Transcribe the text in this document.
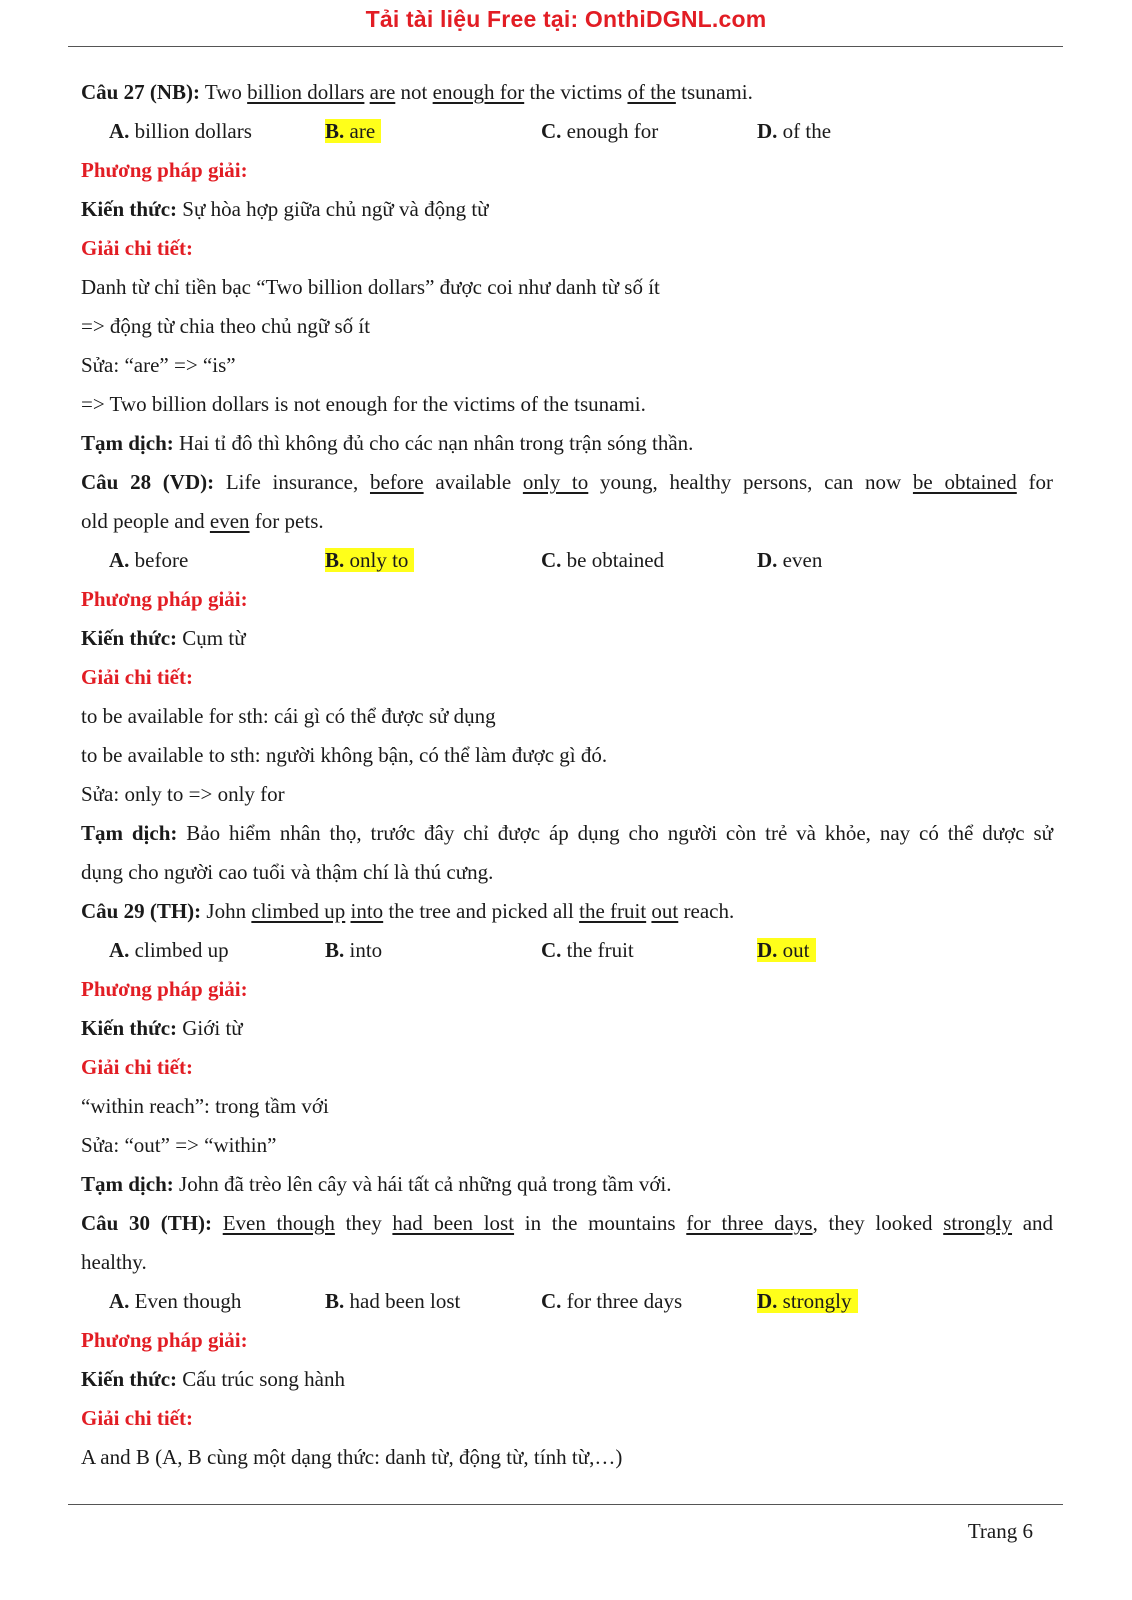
Tải tài liệu Free tại: OnthiDGNL.com
Câu 27 (NB): Two billion dollars are not enough for the victims of the tsunami.
A. billion dollars	B. are	C. enough for	D. of the
Phương pháp giải:
Kiến thức: Sự hòa hợp giữa chủ ngữ và động từ
Giải chi tiết:
Danh từ chỉ tiền bạc “Two billion dollars” được coi như danh từ số ít
=> động từ chia theo chủ ngữ số ít
Sửa: “are” => “is”
=> Two billion dollars is not enough for the victims of the tsunami.
Tạm dịch: Hai tỉ đô thì không đủ cho các nạn nhân trong trận sóng thần.
Câu 28 (VD): Life insurance, before available only to young, healthy persons, can now be obtained for
old people and even for pets.
A. before	B. only to	C. be obtained	D. even
Phương pháp giải:
Kiến thức: Cụm từ
Giải chi tiết:
to be available for sth: cái gì có thể được sử dụng
to be available to sth: người không bận, có thể làm được gì đó.
Sửa: only to => only for
Tạm dịch: Bảo hiểm nhân thọ, trước đây chỉ được áp dụng cho người còn trẻ và khỏe, nay có thể dược sử
dụng cho người cao tuổi và thậm chí là thú cưng.
Câu 29 (TH): John climbed up into the tree and picked all the fruit out reach.
A. climbed up	B. into	C. the fruit	D. out
Phương pháp giải:
Kiến thức: Giới từ
Giải chi tiết:
“within reach”: trong tầm với
Sửa: “out” => “within”
Tạm dịch: John đã trèo lên cây và hái tất cả những quả trong tầm với.
Câu 30 (TH): Even though they had been lost in the mountains for three days, they looked strongly and
healthy.
A. Even though	B. had been lost	C. for three days	D. strongly
Phương pháp giải:
Kiến thức: Cấu trúc song hành
Giải chi tiết:
A and B (A, B cùng một dạng thức: danh từ, động từ, tính từ,…)
Trang 6
